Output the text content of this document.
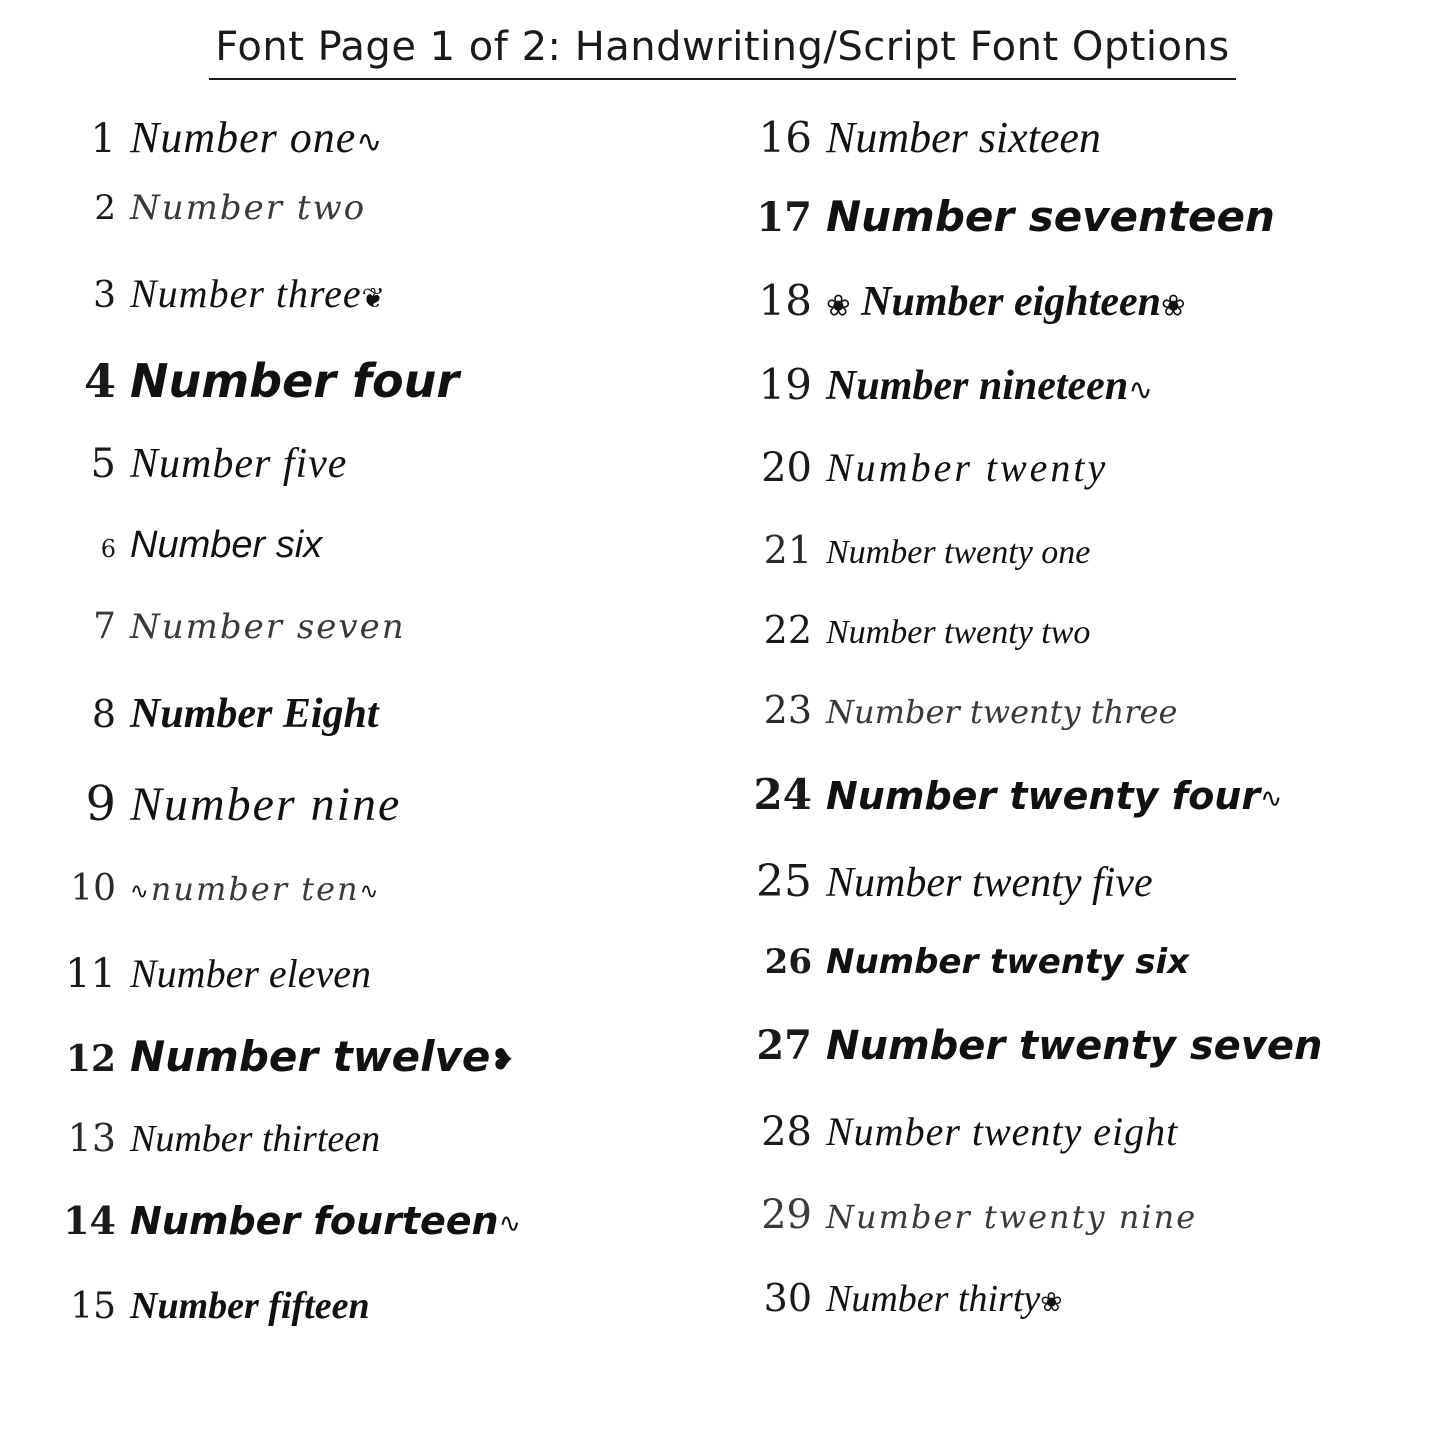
Font Page 1 of 2: Handwriting/Script Font Options
1 Number one∿
2 Number two
3 Number three❦
4 Number four
5 Number five
6 Number six
7 Number seven
8 Number Eight
9 Number nine
10 ∿number ten∿
11 Number eleven
12 Number twelve❥
13 Number thirteen
14 Number fourteen∿
15 Number fifteen
16 Number sixteen
17 Number seventeen
18 ❀ Number eighteen❀
19 Number nineteen∿
20 Number twenty
21 Number twenty one
22 Number twenty two
23 Number twenty three
24 Number twenty four∿
25 Number twenty five
26 Number twenty six
27 Number twenty seven
28 Number twenty eight
29 Number twenty nine
30 Number thirty❀
